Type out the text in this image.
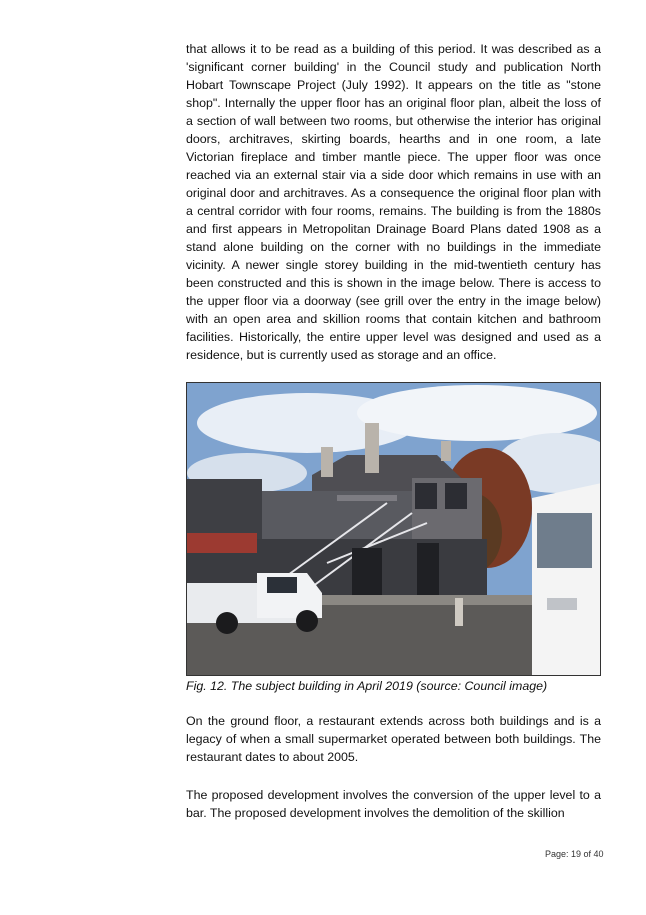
that allows it to be read as a building of this period. It was described as a 'significant corner building' in the Council study and publication North Hobart Townscape Project (July 1992). It appears on the title as "stone shop". Internally the upper floor has an original floor plan, albeit the loss of a section of wall between two rooms, but otherwise the interior has original doors, architraves, skirting boards, hearths and in one room, a late Victorian fireplace and timber mantle piece. The upper floor was once reached via an external stair via a side door which remains in use with an original door and architraves. As a consequence the original floor plan with a central corridor with four rooms, remains. The building is from the 1880s and first appears in Metropolitan Drainage Board Plans dated 1908 as a stand alone building on the corner with no buildings in the immediate vicinity. A newer single storey building in the mid-twentieth century has been constructed and this is shown in the image below. There is access to the upper floor via a doorway (see grill over the entry in the image below) with an open area and skillion rooms that contain kitchen and bathroom facilities. Historically, the entire upper level was designed and used as a residence, but is currently used as storage and an office.

Fig. 12. The subject building in April 2019 (source: Council image)

On the ground floor, a restaurant extends across both buildings and is a legacy of when a small supermarket operated between both buildings. The restaurant dates to about 2005.

The proposed development involves the conversion of the upper level to a bar. The proposed development involves the demolition of the skillion

Page: 19 of 40
